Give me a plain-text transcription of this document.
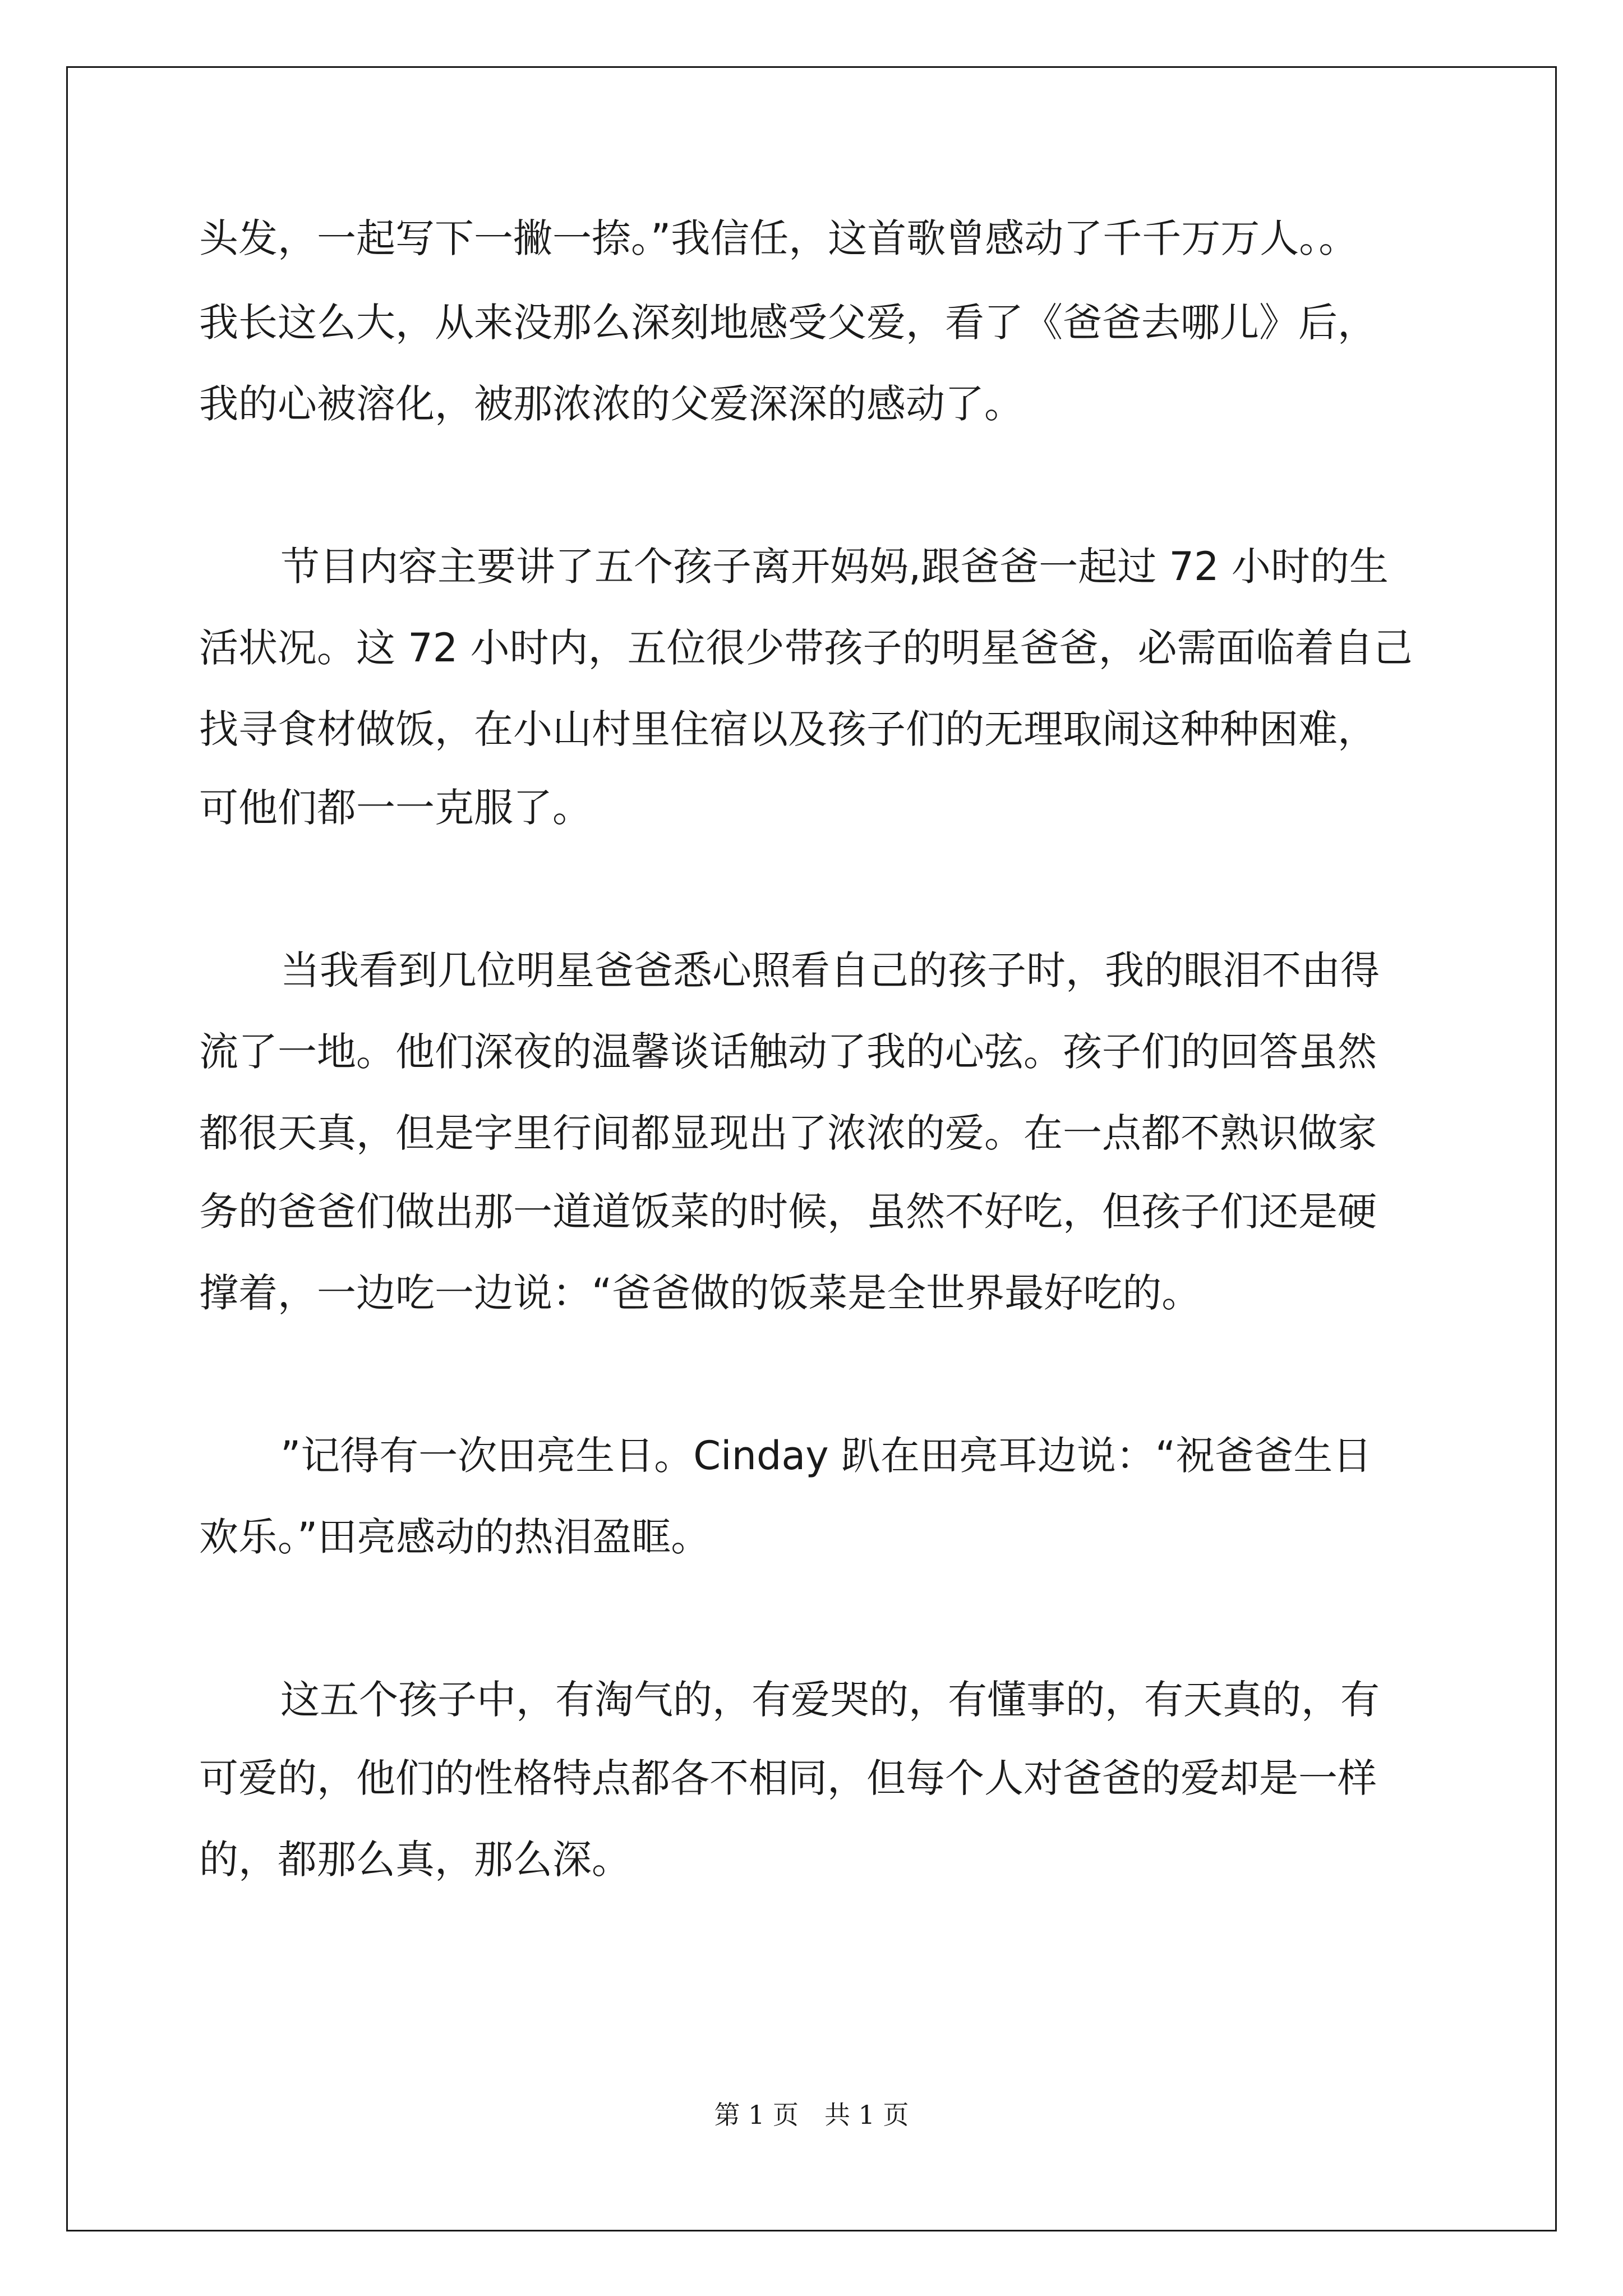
头发，一起写下一撇一捺。”我信任，这首歌曾感动了千千万万人。。
我长这么大，从来没那么深刻地感受父爱，看了《爸爸去哪儿》后，
我的心被溶化，被那浓浓的父爱深深的感动了。
节目内容主要讲了五个孩子离开妈妈,跟爸爸一起过 72 小时的生
活状况。这 72 小时内，五位很少带孩子的明星爸爸，必需面临着自己
找寻食材做饭，在小山村里住宿以及孩子们的无理取闹这种种困难，
可他们都一一克服了。
当我看到几位明星爸爸悉心照看自己的孩子时，我的眼泪不由得
流了一地。他们深夜的温馨谈话触动了我的心弦。孩子们的回答虽然
都很天真，但是字里行间都显现出了浓浓的爱。在一点都不熟识做家
务的爸爸们做出那一道道饭菜的时候，虽然不好吃，但孩子们还是硬
撑着，一边吃一边说：“爸爸做的饭菜是全世界最好吃的。
”记得有一次田亮生日。Cinday 趴在田亮耳边说：“祝爸爸生日
欢乐。”田亮感动的热泪盈眶。
这五个孩子中，有淘气的，有爱哭的，有懂事的，有天真的，有
可爱的，他们的性格特点都各不相同，但每个人对爸爸的爱却是一样
的，都那么真，那么深。
第 1 页 共 1 页
